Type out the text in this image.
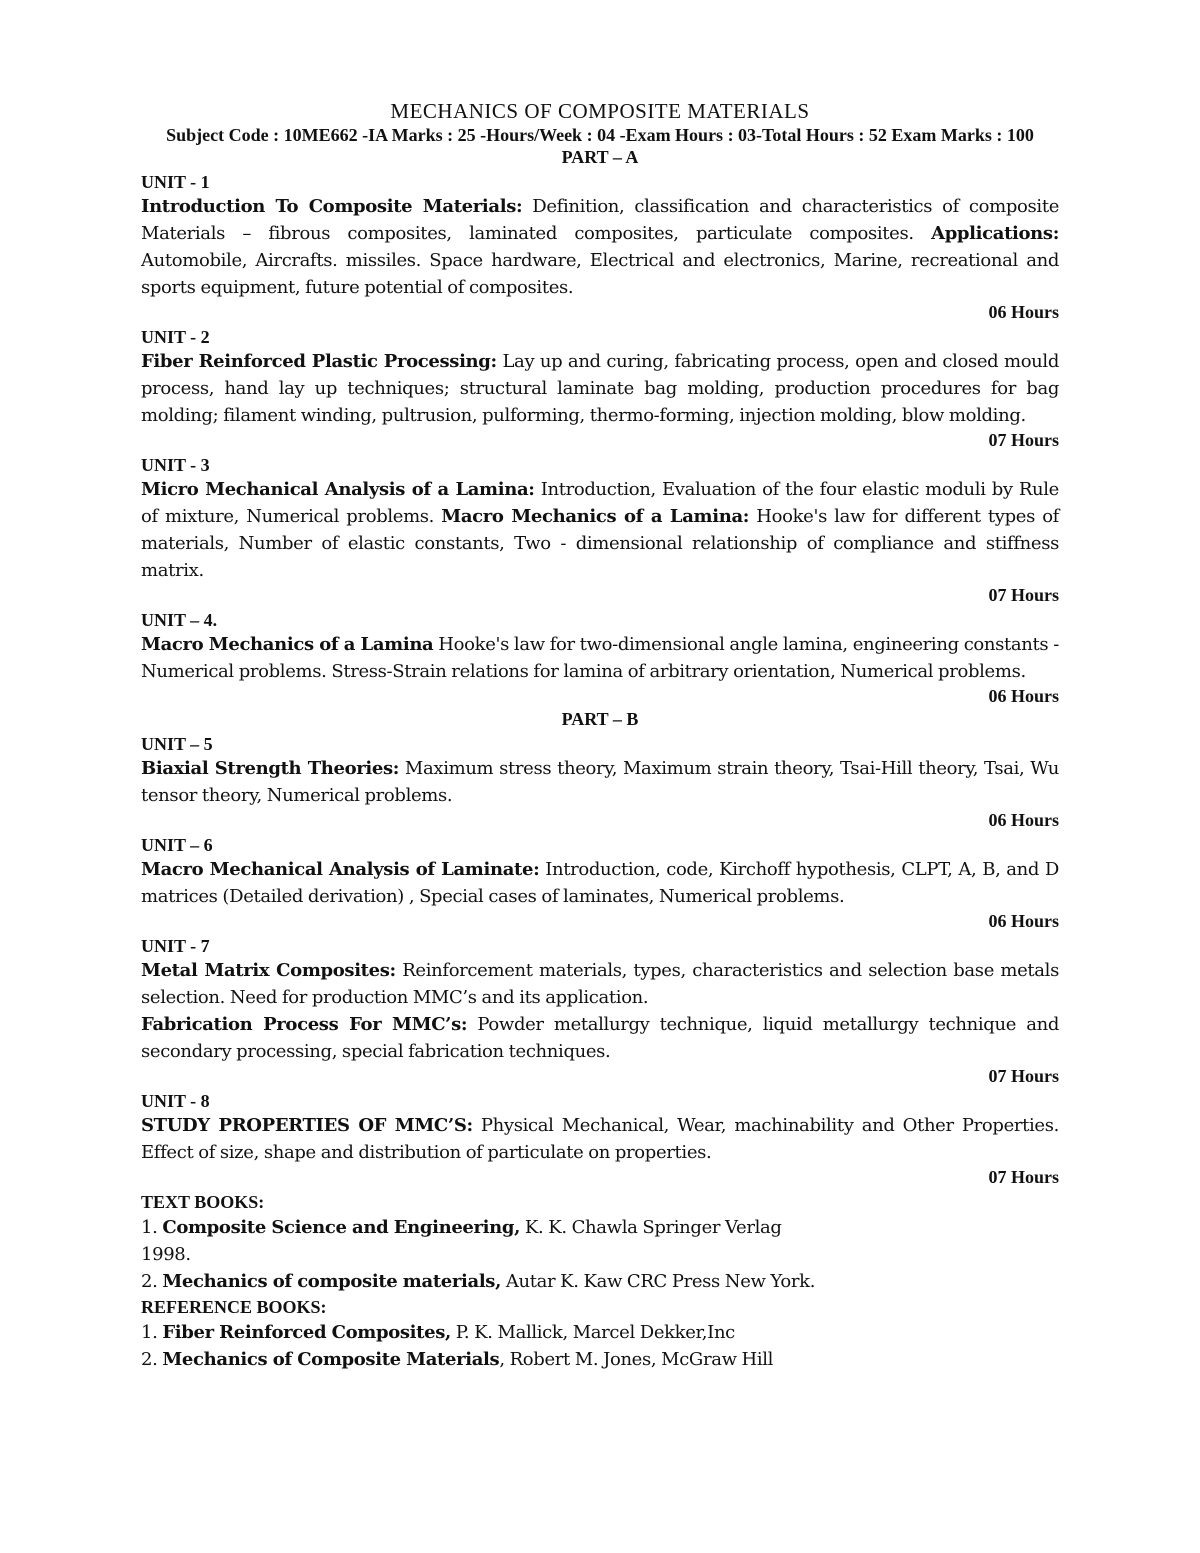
MECHANICS OF COMPOSITE MATERIALS
Subject Code : 10ME662 -IA Marks : 25 -Hours/Week : 04 -Exam Hours : 03-Total Hours : 52 Exam Marks : 100 PART – A
UNIT - 1
Introduction To Composite Materials: Definition, classification and characteristics of composite Materials – fibrous composites, laminated composites, particulate composites. Applications: Automobile, Aircrafts. missiles. Space hardware, Electrical and electronics, Marine, recreational and sports equipment, future potential of composites.
06 Hours
UNIT - 2
Fiber Reinforced Plastic Processing: Lay up and curing, fabricating process, open and closed mould process, hand lay up techniques; structural laminate bag molding, production procedures for bag molding; filament winding, pultrusion, pulforming, thermo-forming, injection molding, blow molding.
07 Hours
UNIT - 3
Micro Mechanical Analysis of a Lamina: Introduction, Evaluation of the four elastic moduli by Rule of mixture, Numerical problems. Macro Mechanics of a Lamina: Hooke's law for different types of materials, Number of elastic constants, Two - dimensional relationship of compliance and stiffness matrix.
07 Hours
UNIT – 4.
Macro Mechanics of a Lamina Hooke's law for two-dimensional angle lamina, engineering constants - Numerical problems. Stress-Strain relations for lamina of arbitrary orientation, Numerical problems.
06 Hours
PART – B
UNIT – 5
Biaxial Strength Theories: Maximum stress theory, Maximum strain theory, Tsai-Hill theory, Tsai, Wu tensor theory, Numerical problems.
06 Hours
UNIT – 6
Macro Mechanical Analysis of Laminate: Introduction, code, Kirchoff hypothesis, CLPT, A, B, and D matrices (Detailed derivation) , Special cases of laminates, Numerical problems.
06 Hours
UNIT - 7
Metal Matrix Composites: Reinforcement materials, types, characteristics and selection base metals selection. Need for production MMC’s and its application.
Fabrication Process For MMC’s: Powder metallurgy technique, liquid metallurgy technique and secondary processing, special fabrication techniques.
07 Hours
UNIT - 8
STUDY PROPERTIES OF MMC’S: Physical Mechanical, Wear, machinability and Other Properties. Effect of size, shape and distribution of particulate on properties.
07 Hours
TEXT BOOKS:
1. Composite Science and Engineering, K. K. Chawla Springer Verlag 1998.
2. Mechanics of composite materials, Autar K. Kaw CRC Press New York.
REFERENCE BOOKS:
1. Fiber Reinforced Composites, P. K. Mallick, Marcel Dekker,Inc
2. Mechanics of Composite Materials, Robert M. Jones, McGraw Hill
